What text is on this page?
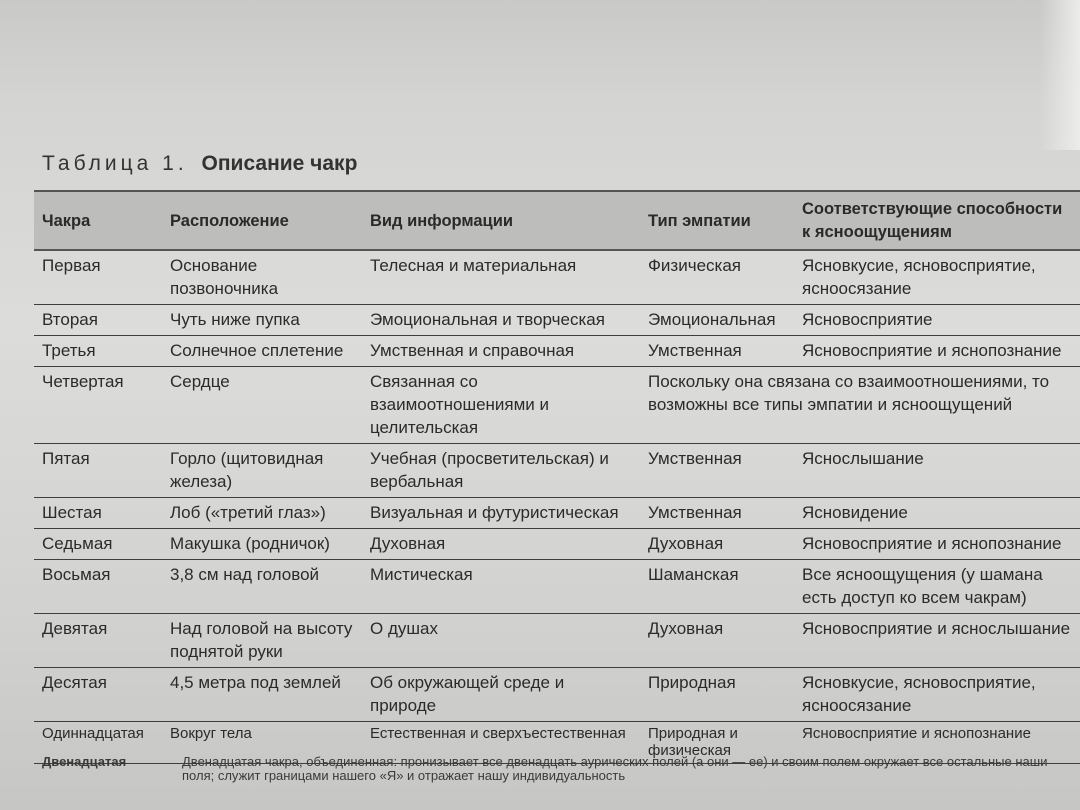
Таблица 1. Описание чакр
Чакра	Расположение	Вид информации	Тип эмпатии	Соответствующие способности к ясноощущениям
Первая	Основание позвоночника	Телесная и материальная	Физическая	Ясновкусие, ясновосприятие, ясноосязание
Вторая	Чуть ниже пупка	Эмоциональная и творческая	Эмоциональная	Ясновосприятие
Третья	Солнечное сплетение	Умственная и справочная	Умственная	Ясновосприятие и яснопознание
Четвертая	Сердце	Связанная со взаимоотношениями и целительская	Поскольку она связана со взаимоотношениями, то возможны все типы эмпатии и ясноощущений	
Пятая	Горло (щитовидная железа)	Учебная (просветительская) и вербальная	Умственная	Яснослышание
Шестая	Лоб («третий глаз»)	Визуальная и футуристическая	Умственная	Ясновидение
Седьмая	Макушка (родничок)	Духовная	Духовная	Ясновосприятие и яснопознание
Восьмая	3,8 см над головой	Мистическая	Шаманская	Все ясноощущения (у шамана есть доступ ко всем чакрам)
Девятая	Над головой на высоту поднятой руки	О душах	Духовная	Ясновосприятие и яснослышание
Десятая	4,5 метра под землей	Об окружающей среде и природе	Природная	Ясновкусие, ясновосприятие, ясноосязание
Одиннадцатая	Вокруг тела	Естественная и сверхъестественная	Природная и физическая	Ясновосприятие и яснопознание
Двенадцатая	Двенадцатая чакра, объединенная: пронизывает все двенадцать аурических полей (а они — ее) и своим полем окружает все остальные наши поля; служит границами нашего «Я» и отражает нашу индивидуальность
